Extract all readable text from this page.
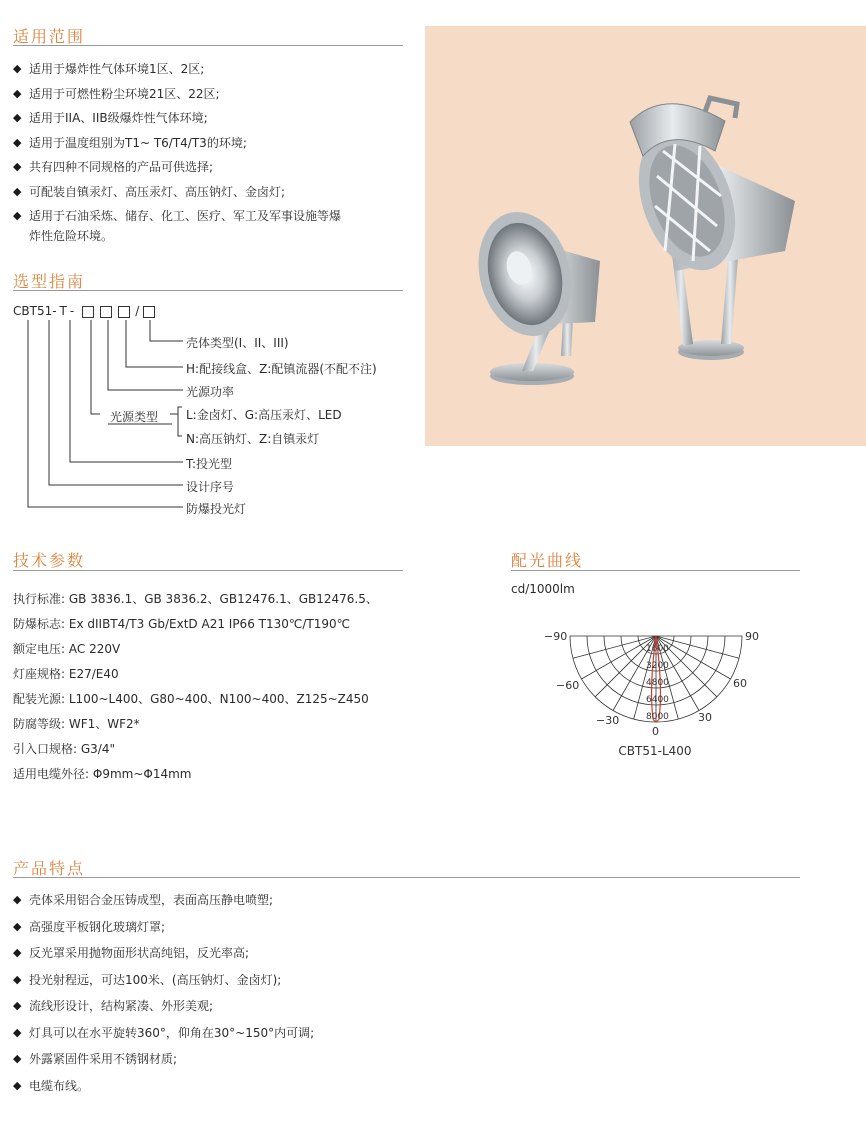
适用范围
◆ 适用于爆炸性气体环境1区、2区;
◆ 适用于可燃性粉尘环境21区、22区;
◆ 适用于IIA、IIB级爆炸性气体环境;
◆ 适用于温度组别为T1~ T6/T4/T3的环境;
◆ 共有四种不同规格的产品可供选择;
◆ 可配装自镇汞灯、高压汞灯、高压钠灯、金卤灯;
◆ 适用于石油采炼、储存、化工、医疗、军工及军事设施等爆
炸性危险环境。
选型指南
CBT51- T -	/
壳体类型(I、II、III)
H:配接线盒、Z:配镇流器(不配不注)
光源功率
光源类型 L:金卤灯、G:高压汞灯、LED
N:高压钠灯、Z:自镇汞灯
T:投光型
设计序号
防爆投光灯
技术参数
执行标准: GB 3836.1、GB 3836.2、GB12476.1、GB12476.5、
防爆标志: Ex dIIBT4/T3 Gb/ExtD A21 IP66 T130℃/T190℃
额定电压: AC 220V
灯座规格: E27/E40
配装光源: L100~L400、G80~400、N100~400、Z125~Z450
防腐等级: WF1、WF2*
引入口规格: G3/4"
适用电缆外径: Φ9mm~Φ14mm
配光曲线
cd/1000lm
1600
3200
4800
6400
8000
−90	90
−60	60
−30	30
0
CBT51-L400
产品特点
◆ 壳体采用铝合金压铸成型，表面高压静电喷塑;
◆ 高强度平板钢化玻璃灯罩;
◆ 反光罩采用抛物面形状高纯铝，反光率高;
◆ 投光射程远，可达100米、(高压钠灯、金卤灯);
◆ 流线形设计，结构紧凑、外形美观;
◆ 灯具可以在水平旋转360°，仰角在30°~150°内可调;
◆ 外露紧固件采用不锈钢材质;
◆ 电缆布线。
